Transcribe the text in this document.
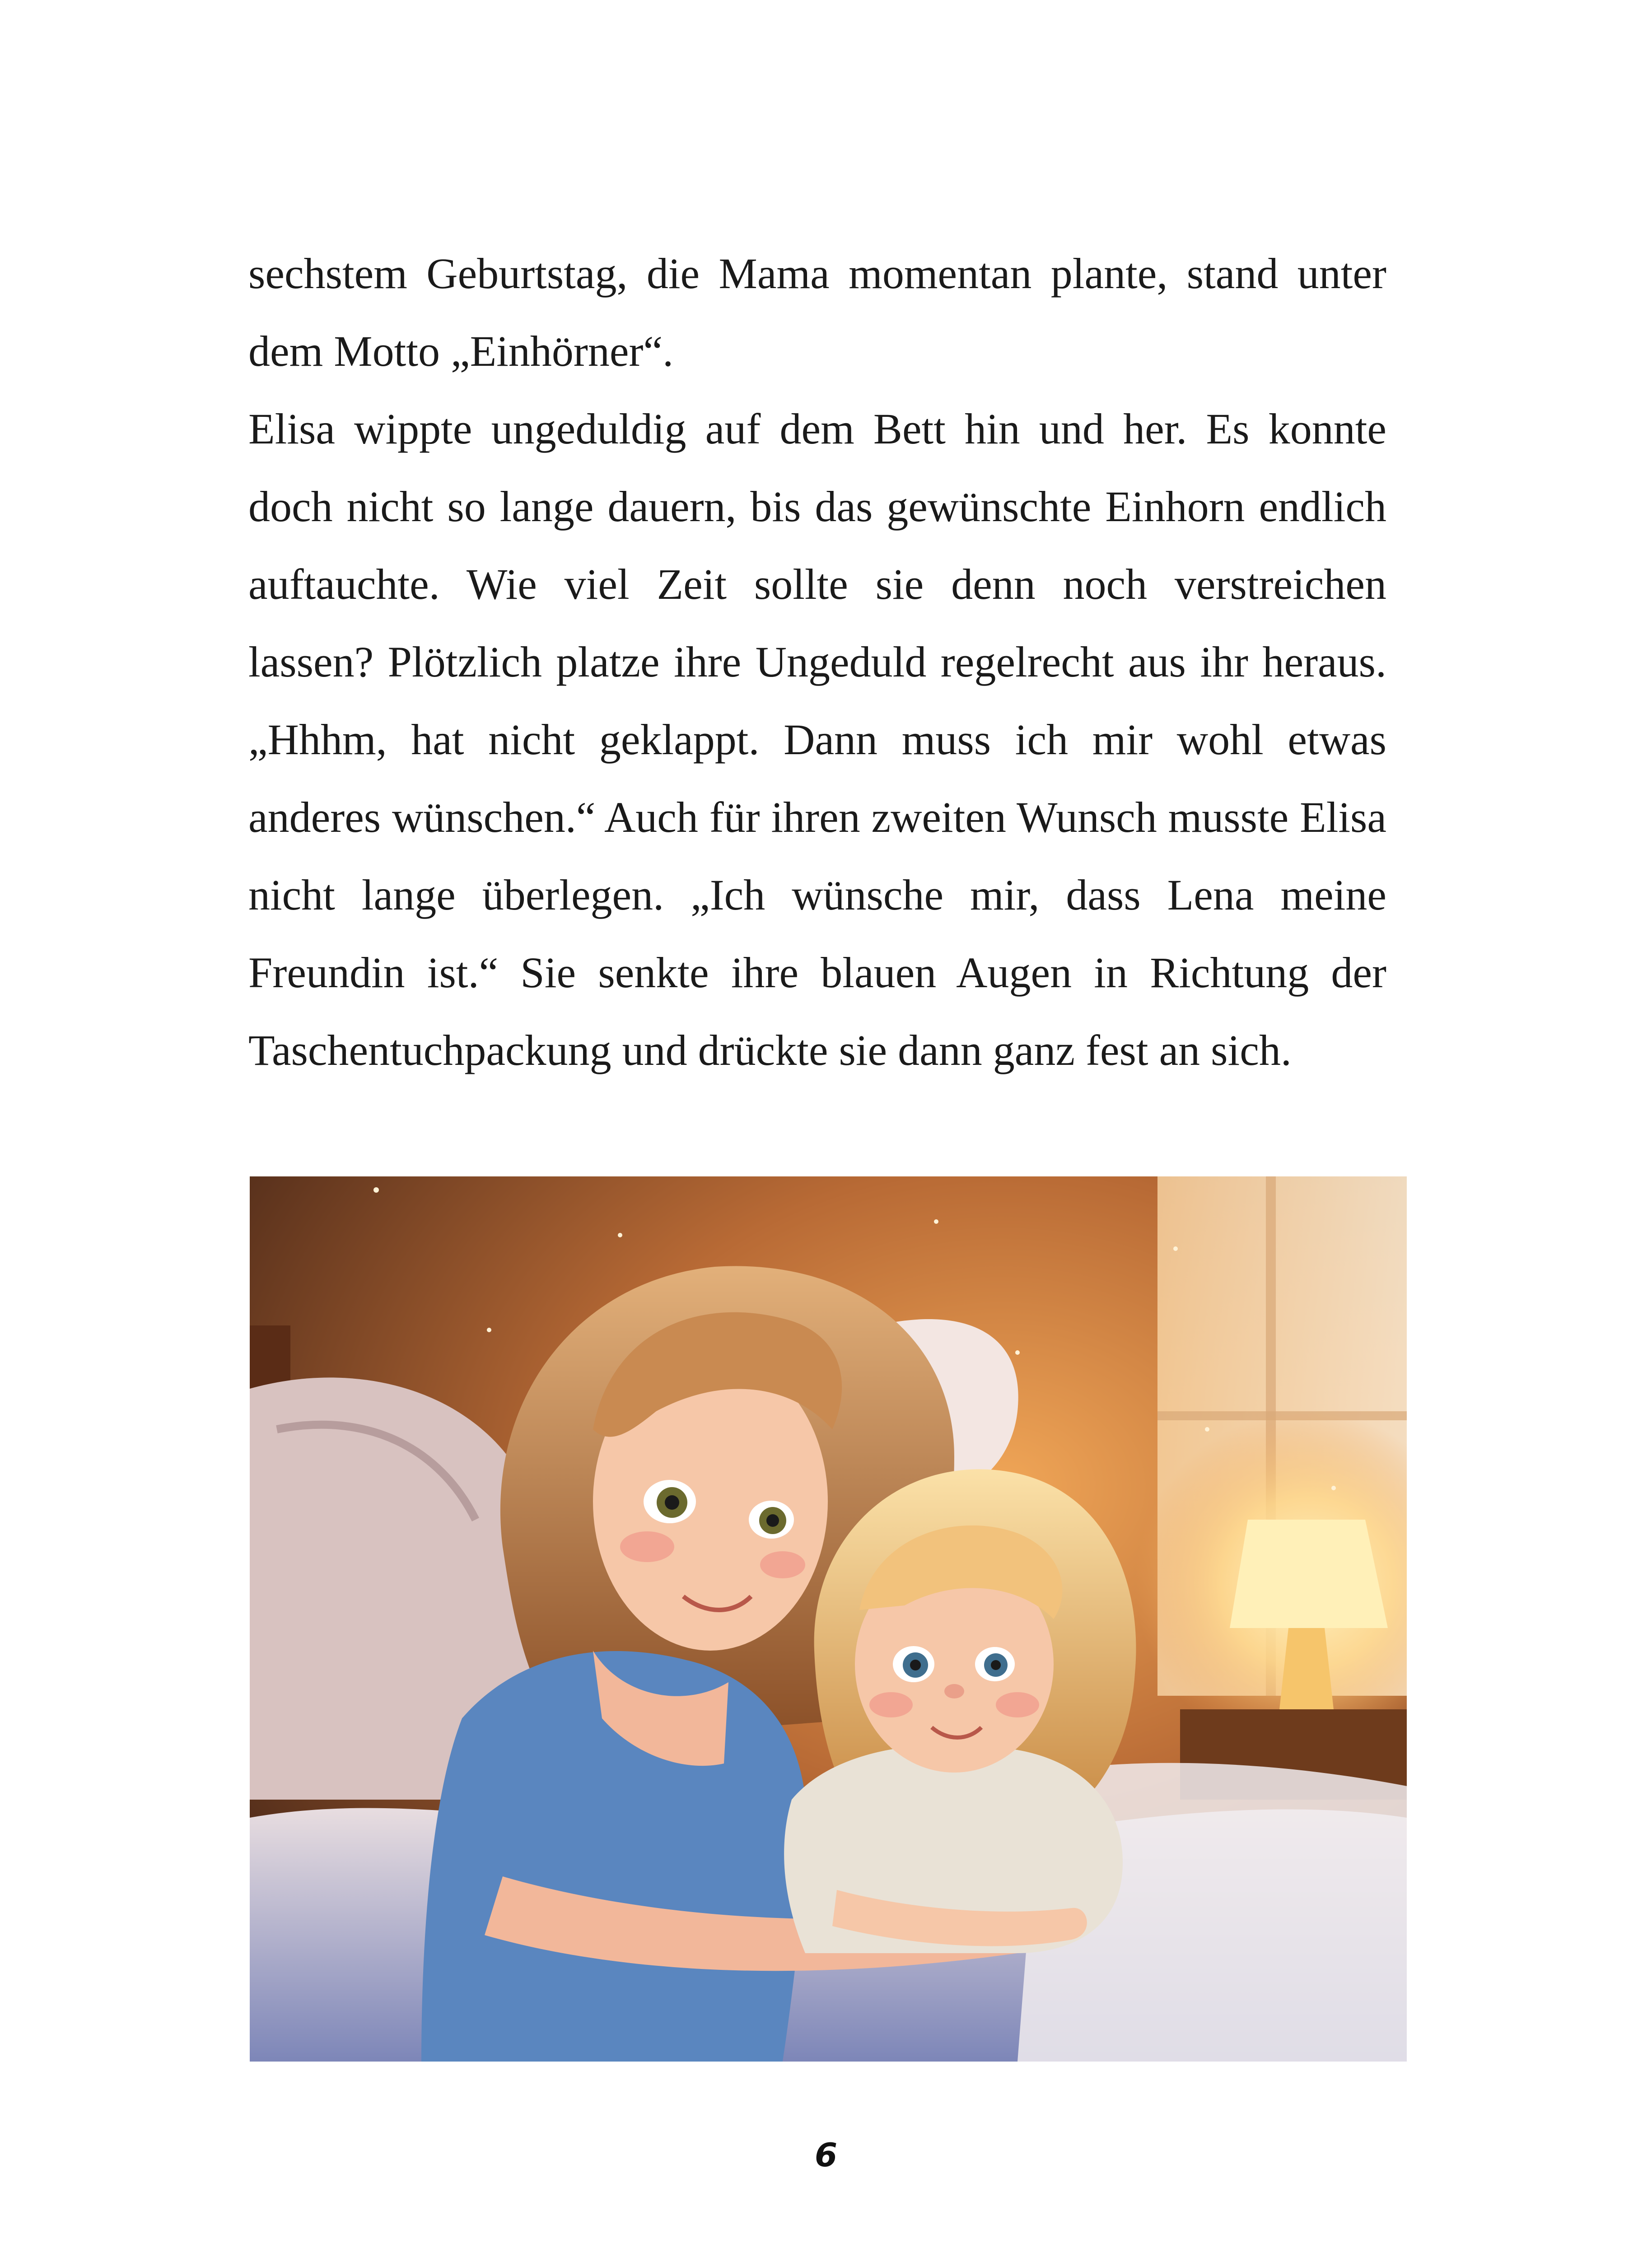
sechstem Geburtstag, die Mama momentan plante, stand unter dem Motto „Einhörner“.

Elisa wippte ungeduldig auf dem Bett hin und her. Es konnte doch nicht so lange dauern, bis das gewünschte Einhorn endlich auftauchte. Wie viel Zeit sollte sie denn noch verstreichen lassen? Plötzlich platze ihre Ungeduld regelrecht aus ihr heraus. „Hhhm, hat nicht geklappt. Dann muss ich mir wohl etwas anderes wünschen.“ Auch für ihren zweiten Wunsch musste Elisa nicht lange überlegen. „Ich wünsche mir, dass Lena meine Freundin ist.“ Sie senkte ihre blauen Augen in Richtung der Taschentuchpackung und drückte sie dann ganz fest an sich.

6
